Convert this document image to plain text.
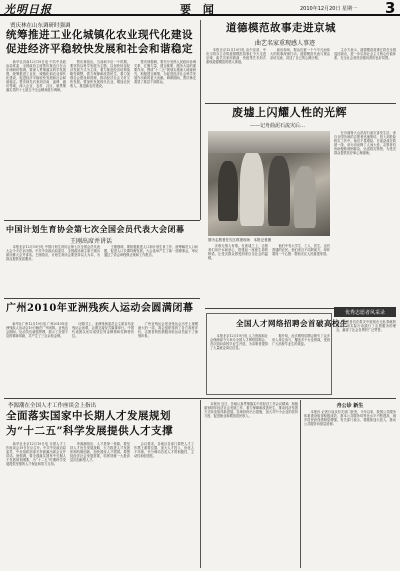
光明日报	要 闻	2010年12月20日 星期一 3
贾庆林在山东调研时强调
统筹推进工业化城镇化农业现代化建设
促进经济平稳较快发展和社会和谐稳定
　　新华社济南12月19日电 中共中央政治局常委、全国政协主席贾庆林近日在山东调研时强调，要深入贯彻落实科学发展观，统筹推进工业化、城镇化和农业现代化建设，促进经济平稳较快发展和社会和谐稳定。贾庆林先后来到济南、淄博、潍坊等地，深入企业、农村、社区，就贯彻落实党的十七届五中全会精神进行调研。
　　贾庆林指出，当前和今后一个时期，要坚持以科学发展为主题，以加快转变经济发展方式为主线，着力推进经济结构战略性调整，着力保障和改善民生，着力加强社会建设和管理，推动经济社会又好又快发展。要加快发展现代农业，增加农民收入，推进新农村建设。
　　贾庆林强调，要充分发挥人民政协协调关系、汇聚力量、建言献策、服务大局的重要作用，围绕“十二五”规划实施深入调查研究，积极建言献策，为促进经济社会科学发展作出新的更大贡献。调研期间，贾庆林还看望了基层干部群众。
中国计划生育协会第七次全国会员代表大会闭幕
王刚出席并讲话
　　本报北京12月19日电 中国计划生育协会第七次全国会员代表大会今天在京闭幕。中共中央政治局委员、全国政协副主席王刚出席闭幕大会并讲话。王刚指出，计划生育协会要坚持以人为本，为群众提供优质服务。
　　王刚强调，要积极推进人口和计划生育工作，统筹解决人口问题，促进人口长期均衡发展。大会选举产生了新一届理事会，审议通过了协会章程修正案和工作报告。
广州2010年亚洲残疾人运动会圆满闭幕
　　新华社广州12月19日电 广州2010年亚洲残疾人运动会19日晚在广州闭幕。亚残运会期间，运动员们顽强拼搏，展示了自强不息的精神风貌，共产生了三百余枚金牌。
　　闭幕式上，亚洲残奥委员会主席宣布亚残运会闭幕，会旗交接仪式隆重举行。中国代表团以优异成绩位列金牌榜和奖牌榜首位。
　　广州亚残运会是亚残运会历史上规模最大的一届，赛会组织得到了各方高度评价，志愿者的热情服务给运动员留下了深刻印象。
道德模范故事走进京城
曲艺名家重现感人事迹
　　本报北京12月19日电 由中宣部、中央文明办主办的道德模范故事汇今天走进京城，曲艺名家用鼓曲、快板等艺术形式重现道德模范的感人事迹。
　　演出现场，观众们被一个个平凡而伟大的故事深深打动。道德模范代表与观众亲切交流，讲述了自己的心路历程。
　　主办方表示，道德模范故事汇将在全国巡回演出，进一步弘扬社会主义核心价值体系，在全社会营造崇德向善的良好氛围。
废墟上闪耀人性的光辉
——记舟曲泥石流灾后…
图为志愿者在灾区救援现场　本报记者摄
　　在舟曲特大山洪泥石流灾害发生后，来自全国各地的志愿者迅速集结，投入到抢险救灾工作中。他们不畏艰险，日夜奋战在救援一线，用行动诠释了人间大爱。志愿者们协助搜救被困群众，运送救灾物资，为受灾群众提供医疗和心理援助。
　　灾难无情人有情。在废墟之上，志愿者们用汗水和爱心，搭建起一座座生命的桥梁，让受灾群众感受到来自全社会的温暖。
　　他们中有大学生、工人、医生，也有普通的农民。他们来自不同的地方，却怀着同一个心愿：帮助灾区人民重建家园。
优秀志愿者风采录
全国人才网络招聘会首破高校生
　　本报北京12月19日电 人力资源和社会保障部今天举办全国人才网络招聘会，首次面向高校毕业生开放，为求职者提供了大量就业岗位信息。
　　据介绍，此次网络招聘会吸引了众多用人单位参与，覆盖多个行业领域，受到广大高校毕业生的欢迎。
　　志愿者们在救灾中展现出无私奉献的精神，用实际行动践行了志愿服务的理念，赢得了社会各界的广泛赞誉。
李源潮在全国人才工作座谈会上指出
全面落实国家中长期人才发展规划
为“十二五”科学发展提供人才支撑
　　新华社北京12月19日电 全国人才工作座谈会19日在京召开。中共中央政治局委员、中央组织部部长李源潮出席会议并讲话。他强调，要全面落实国家中长期人才发展规划纲要，为“十二五”时期科学发展提供坚强的人才保证和智力支持。
　　李源潮指出，人才是第一资源，要坚持人才优先发展战略，大力推进人才发展体制机制创新，加快建设人才强国。要围绕经济社会发展需要，培养造就一大批高层次创新型人才。
　　会议要求，各地区各部门要把人才工作摆上重要位置，加大人才投入，优化人才环境，充分调动各类人才的积极性、主动性和创造性。
　　本报讯 近日，各地认真贯彻落实中央经济工作会议精神，积极谋划明年经济社会发展工作，着力保障和改善民生，推动经济发展方式转变取得新进展。各地纷纷出台措施，加大对中小企业的扶持力度，促进就业和增加居民收入。
舟公诊 新生
　　本报讯 记者日前从有关部门获悉，今年以来，我国公共服务体系建设取得积极成效，基本公共服务均等化水平不断提高，城乡居民获得感明显增强。有关部门表示，将继续加大投入，推动公共服务向基层延伸。
